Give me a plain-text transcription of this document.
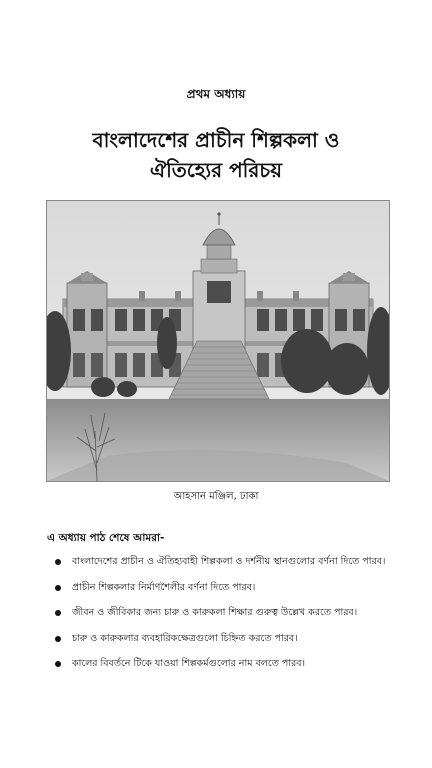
প্রথম অধ্যায়
বাংলাদেশের প্রাচীন শিল্পকলা ও
ঐতিহ্যের পরিচয়
আহসান মঞ্জিল, ঢাকা
এ অধ্যায় পাঠ শেষে আমরা-
বাংলাদেশের প্রাচীন ও ঐতিহ্যবাহী শিল্পকলা ও দর্শনীয় স্থানগুলোর বর্ণনা দিতে পারব।
প্রাচীন শিল্পকলার নির্মাণশৈলীর বর্ণনা দিতে পারব।
জীবন ও জীবিকার জন্য চারু ও কারুকলা শিক্ষার গুরুত্ব উল্লেখ করতে পারব।
চারু ও কারুকলার ব্যবহারিকক্ষেত্রগুলো চিহ্নিত করতে পারব।
কালের বিবর্তনে টিকে যাওয়া শিল্পকর্মগুলোর নাম বলতে পারব।
